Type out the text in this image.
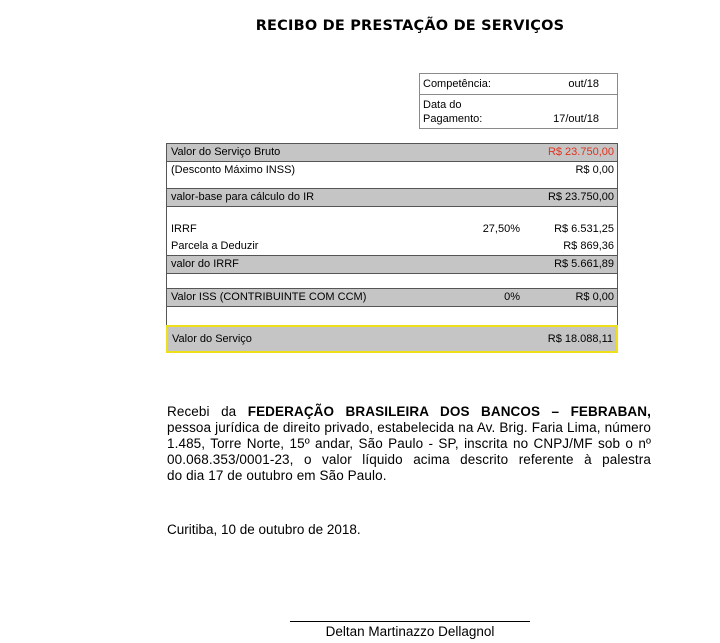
RECIBO DE PRESTAÇÃO DE SERVIÇOS
Competência:	out/18
Data do
Pagamento:	17/out/18
Valor do Serviço Bruto	R$ 23.750,00
(Desconto Máximo INSS)	R$ 0,00
valor-base para cálculo do IR	R$ 23.750,00
IRRF	27,50%	R$ 6.531,25
Parcela a Deduzir	R$ 869,36
valor do IRRF	R$ 5.661,89
Valor ISS (CONTRIBUINTE COM CCM)	0%	R$ 0,00
Valor do Serviço	R$ 18.088,11
Recebi da FEDERAÇÃO BRASILEIRA DOS BANCOS – FEBRABAN,
pessoa jurídica de direito privado, estabelecida na Av. Brig. Faria Lima, número
1.485, Torre Norte, 15º andar, São Paulo - SP, inscrita no CNPJ/MF sob o nº
00.068.353/0001-23, o valor líquido acima descrito referente à palestra
do dia 17 de outubro em São Paulo.
Curitiba, 10 de outubro de 2018.
Deltan Martinazzo Dellagnol
